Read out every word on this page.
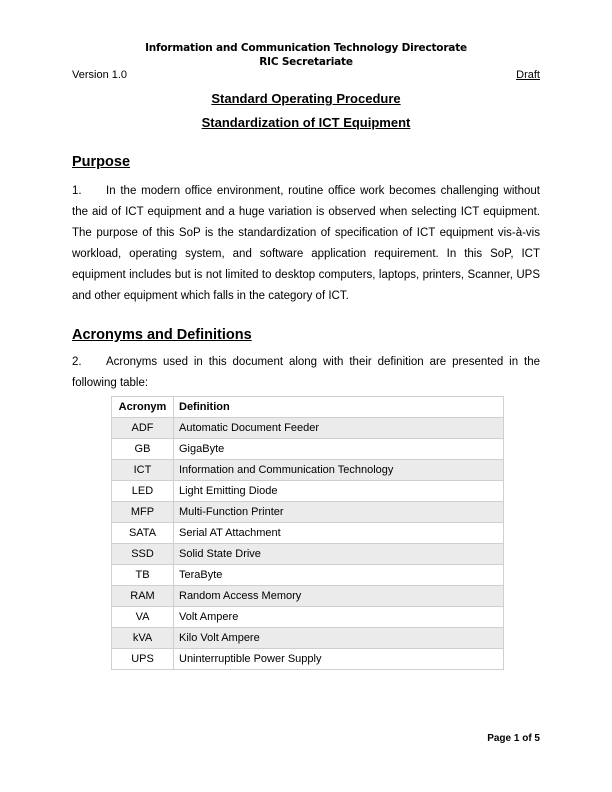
Information and Communication Technology Directorate
RIC Secretariate
Version 1.0	Draft
Standard Operating Procedure
Standardization of ICT Equipment
Purpose
1. In the modern office environment, routine office work becomes challenging without the aid of ICT equipment and a huge variation is observed when selecting ICT equipment. The purpose of this SoP is the standardization of specification of ICT equipment vis-à-vis workload, operating system, and software application requirement. In this SoP, ICT equipment includes but is not limited to desktop computers, laptops, printers, Scanner, UPS and other equipment which falls in the category of ICT.
Acronyms and Definitions
2. Acronyms used in this document along with their definition are presented in the following table:
Acronym	Definition
ADF	Automatic Document Feeder
GB	GigaByte
ICT	Information and Communication Technology
LED	Light Emitting Diode
MFP	Multi-Function Printer
SATA	Serial AT Attachment
SSD	Solid State Drive
TB	TeraByte
RAM	Random Access Memory
VA	Volt Ampere
kVA	Kilo Volt Ampere
UPS	Uninterruptible Power Supply
Page 1 of 5
